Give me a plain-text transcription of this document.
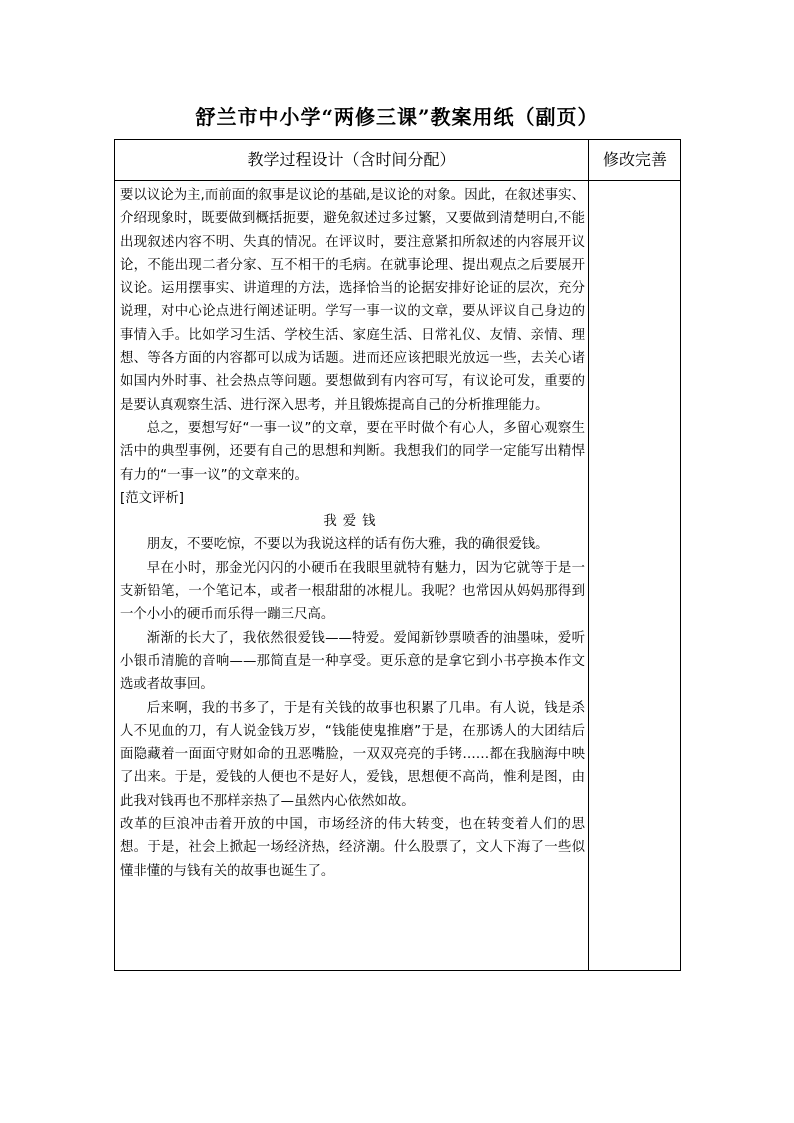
舒兰市中小学“两修三课”教案用纸（副页）
教学过程设计（含时间分配）	修改完善

要以议论为主,而前面的叙事是议论的基础,是议论的对象。因此，在叙述事实、介绍现象时，既要做到概括扼要，避免叙述过多过繁，又要做到清楚明白,不能出现叙述内容不明、失真的情况。在评议时，要注意紧扣所叙述的内容展开议论，不能出现二者分家、互不相干的毛病。在就事论理、提出观点之后要展开议论。运用摆事实、讲道理的方法，选择恰当的论据安排好论证的层次，充分说理，对中心论点进行阐述证明。学写一事一议的文章，要从评议自己身边的事情入手。比如学习生活、学校生活、家庭生活、日常礼仪、友情、亲情、理想、等各方面的内容都可以成为话题。进而还应该把眼光放远一些，去关心诸如国内外时事、社会热点等问题。要想做到有内容可写，有议论可发，重要的是要认真观察生活、进行深入思考，并且锻炼提高自己的分析推理能力。

总之，要想写好“一事一议”的文章，要在平时做个有心人，多留心观察生活中的典型事例，还要有自己的思想和判断。我想我们的同学一定能写出精悍有力的“一事一议”的文章来的。

[范文评析]

我爱钱

朋友，不要吃惊，不要以为我说这样的话有伤大雅，我的确很爱钱。

早在小时，那金光闪闪的小硬币在我眼里就特有魅力，因为它就等于是一支新铅笔，一个笔记本，或者一根甜甜的冰棍儿。我呢？也常因从妈妈那得到一个小小的硬币而乐得一蹦三尺高。

渐渐的长大了，我依然很爱钱——特爱。爱闻新钞票喷香的油墨味，爱听小银币清脆的音响——那简直是一种享受。更乐意的是拿它到小书亭换本作文选或者故事回。

后来啊，我的书多了，于是有关钱的故事也积累了几串。有人说，钱是杀人不见血的刀，有人说金钱万岁，“钱能使鬼推磨”于是，在那诱人的大团结后面隐藏着一面面守财如命的丑恶嘴脸，一双双亮亮的手铐……都在我脑海中映了出来。于是，爱钱的人便也不是好人，爱钱，思想便不高尚，惟利是图，由此我对钱再也不那样亲热了—虽然内心依然如故。

改革的巨浪冲击着开放的中国，市场经济的伟大转变，也在转变着人们的思想。于是，社会上掀起一场经济热，经济潮。什么股票了，文人下海了一些似懂非懂的与钱有关的故事也诞生了。
